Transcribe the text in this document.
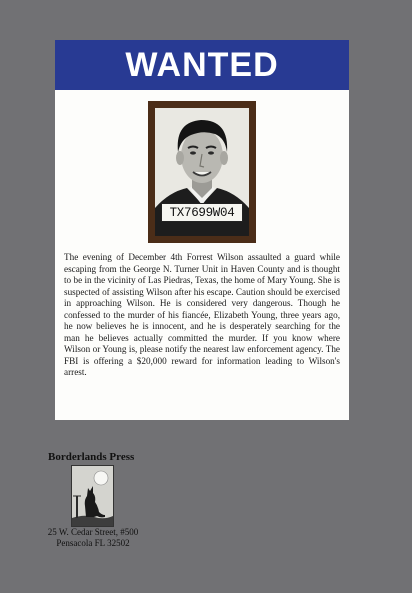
WANTED
TX7699W04

The evening of December 4th Forrest Wilson assaulted a guard while escaping from the George N. Turner Unit in Haven County and is thought to be in the vicinity of Las Piedras, Texas, the home of Mary Young. She is suspected of assisting Wilson after his escape. Caution should be exercised in approaching Wilson. He is considered very dangerous. Though he confessed to the murder of his fiancée, Elizabeth Young, three years ago, he now believes he is innocent, and he is desperately searching for the man he believes actually committed the murder. If you know where Wilson or Young is, please notify the nearest law enforcement agency. The FBI is offering a $20,000 reward for information leading to Wilson's arrest.

Borderlands Press
25 W. Cedar Street, #500
Pensacola FL 32502
